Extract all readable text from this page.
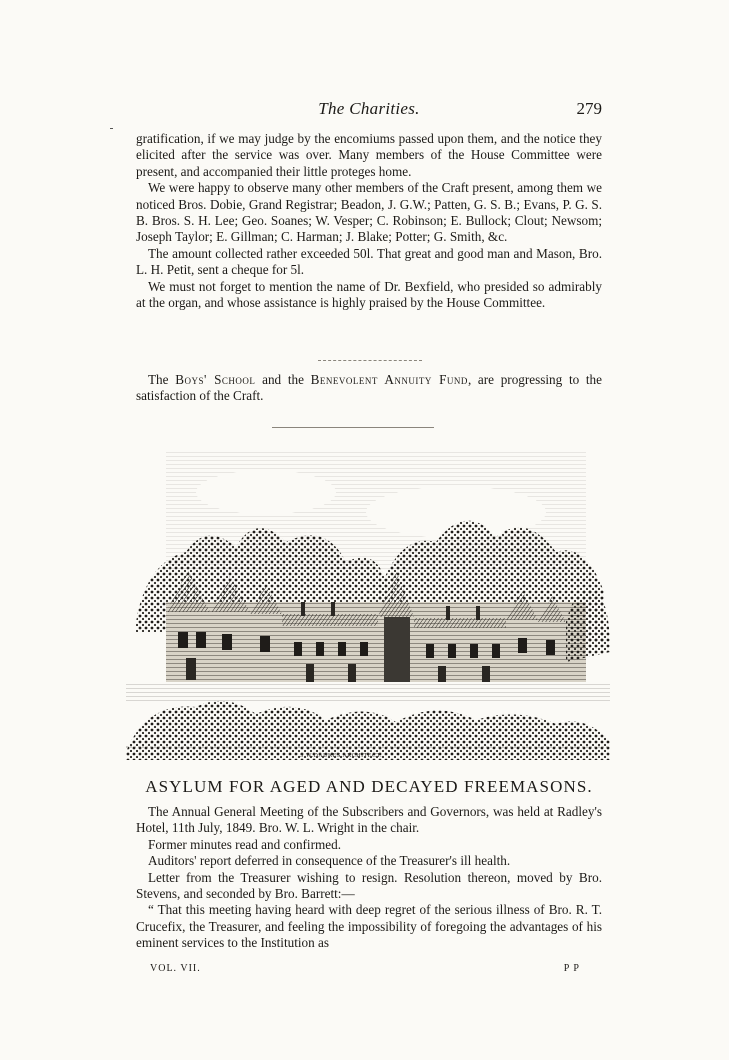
The Charities.	279

gratification, if we may judge by the encomiums passed upon them, and the notice they elicited after the service was over. Many members of the House Committee were present, and accompanied their little proteges home.

We were happy to observe many other members of the Craft present, among them we noticed Bros. Dobie, Grand Registrar; Beadon, J. G.W.; Patten, G. S. B.; Evans, P. G. S. B. Bros. S. H. Lee; Geo. Soanes; W. Vesper; C. Robinson; E. Bullock; Clout; Newsom; Joseph Taylor; E. Gillman; C. Harman; J. Blake; Potter; G. Smith, &c.

The amount collected rather exceeded 50l. That great and good man and Mason, Bro. L. H. Petit, sent a cheque for 5l.

We must not forget to mention the name of Dr. Bexfield, who presided so admirably at the organ, and whose assistance is highly praised by the House Committee.

The Boys' School and the Benevolent Annuity Fund, are progressing to the satisfaction of the Craft.

S.W.DAUKES ARCHITECT.
ASYLUM FOR AGED AND DECAYED FREEMASONS.

The Annual General Meeting of the Subscribers and Governors, was held at Radley's Hotel, 11th July, 1849. Bro. W. L. Wright in the chair.

Former minutes read and confirmed.

Auditors' report deferred in consequence of the Treasurer's ill health.

Letter from the Treasurer wishing to resign. Resolution thereon, moved by Bro. Stevens, and seconded by Bro. Barrett:—

“ That this meeting having heard with deep regret of the serious illness of Bro. R. T. Crucefix, the Treasurer, and feeling the impossibility of foregoing the advantages of his eminent services to the Institution as

VOL. VII.	P P
